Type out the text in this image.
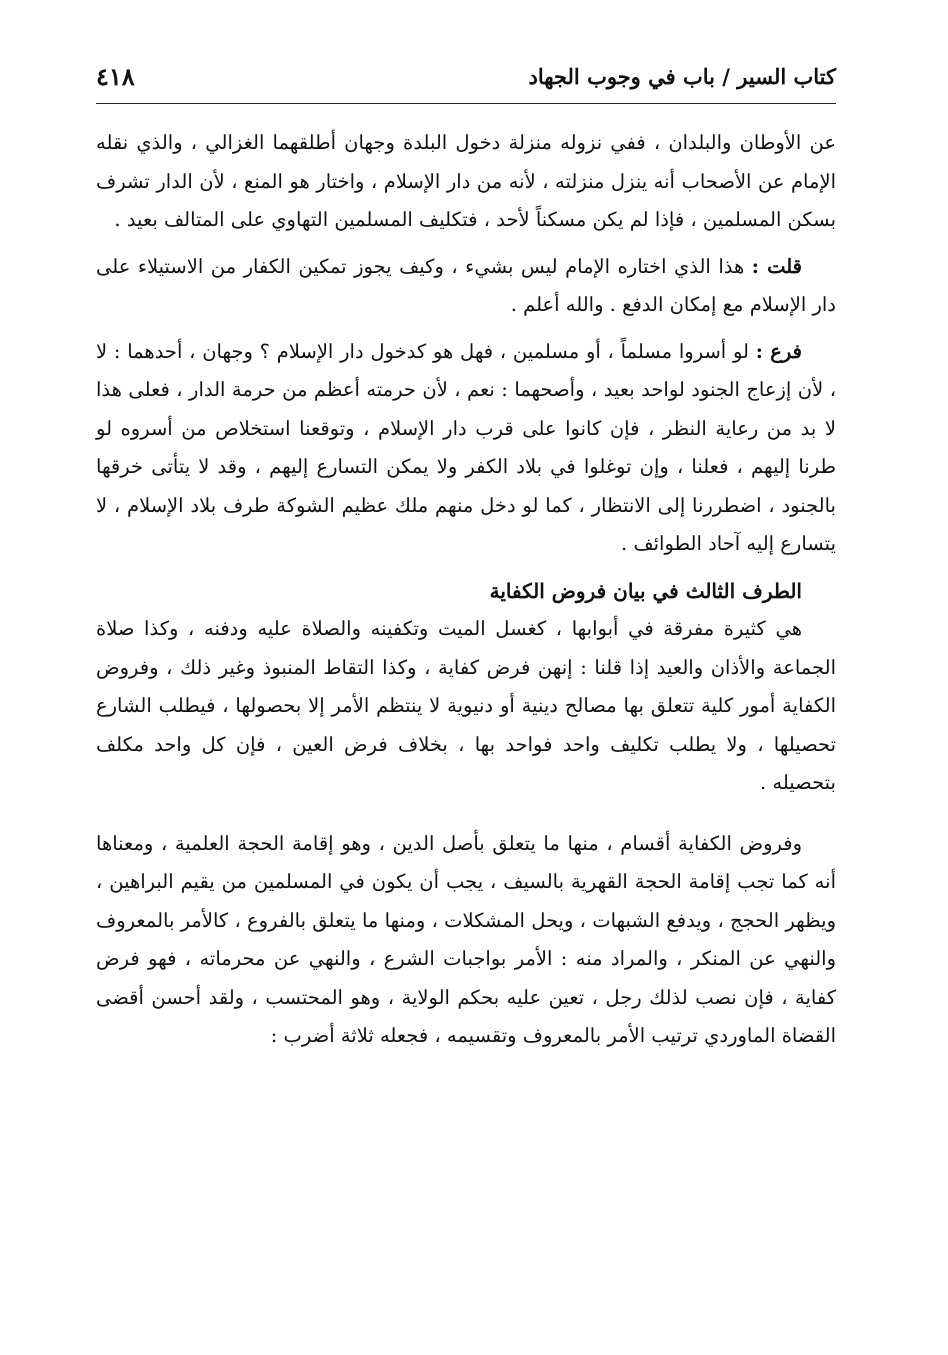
كتاب السير / باب في وجوب الجهاد
٤١٨

عن الأوطان والبلدان ، ففي نزوله منزلة دخول البلدة وجهان أطلقهما الغزالي ، والذي نقله الإمام عن الأصحاب أنه ينزل منزلته ، لأنه من دار الإسلام ، واختار هو المنع ، لأن الدار تشرف بسكن المسلمين ، فإذا لم يكن مسكناً لأحد ، فتكليف المسلمين التهاوي على المتالف بعيد .

قلت : هذا الذي اختاره الإمام ليس بشيء ، وكيف يجوز تمكين الكفار من الاستيلاء على دار الإسلام مع إمكان الدفع . والله أعلم .

فرع : لو أسروا مسلماً ، أو مسلمين ، فهل هو كدخول دار الإسلام ؟ وجهان ، أحدهما : لا ، لأن إزعاج الجنود لواحد بعيد ، وأصحهما : نعم ، لأن حرمته أعظم من حرمة الدار ، فعلى هذا لا بد من رعاية النظر ، فإن كانوا على قرب دار الإسلام ، وتوقعنا استخلاص من أسروه لو طرنا إليهم ، فعلنا ، وإن توغلوا في بلاد الكفر ولا يمكن التسارع إليهم ، وقد لا يتأتى خرقها بالجنود ، اضطررنا إلى الانتظار ، كما لو دخل منهم ملك عظيم الشوكة طرف بلاد الإسلام ، لا يتسارع إليه آحاد الطوائف .

الطرف الثالث في بيان فروض الكفاية

هي كثيرة مفرقة في أبوابها ، كغسل الميت وتكفينه والصلاة عليه ودفنه ، وكذا صلاة الجماعة والأذان والعيد إذا قلنا : إنهن فرض كفاية ، وكذا التقاط المنبوذ وغير ذلك ، وفروض الكفاية أمور كلية تتعلق بها مصالح دينية أو دنيوية لا ينتظم الأمر إلا بحصولها ، فيطلب الشارع تحصيلها ، ولا يطلب تكليف واحد فواحد بها ، بخلاف فرض العين ، فإن كل واحد مكلف بتحصيله .

وفروض الكفاية أقسام ، منها ما يتعلق بأصل الدين ، وهو إقامة الحجة العلمية ، ومعناها أنه كما تجب إقامة الحجة القهرية بالسيف ، يجب أن يكون في المسلمين من يقيم البراهين ، ويظهر الحجج ، ويدفع الشبهات ، ويحل المشكلات ، ومنها ما يتعلق بالفروع ، كالأمر بالمعروف والنهي عن المنكر ، والمراد منه : الأمر بواجبات الشرع ، والنهي عن محرماته ، فهو فرض كفاية ، فإن نصب لذلك رجل ، تعين عليه بحكم الولاية ، وهو المحتسب ، ولقد أحسن أقضى القضاة الماوردي ترتيب الأمر بالمعروف وتقسيمه ، فجعله ثلاثة أضرب :
